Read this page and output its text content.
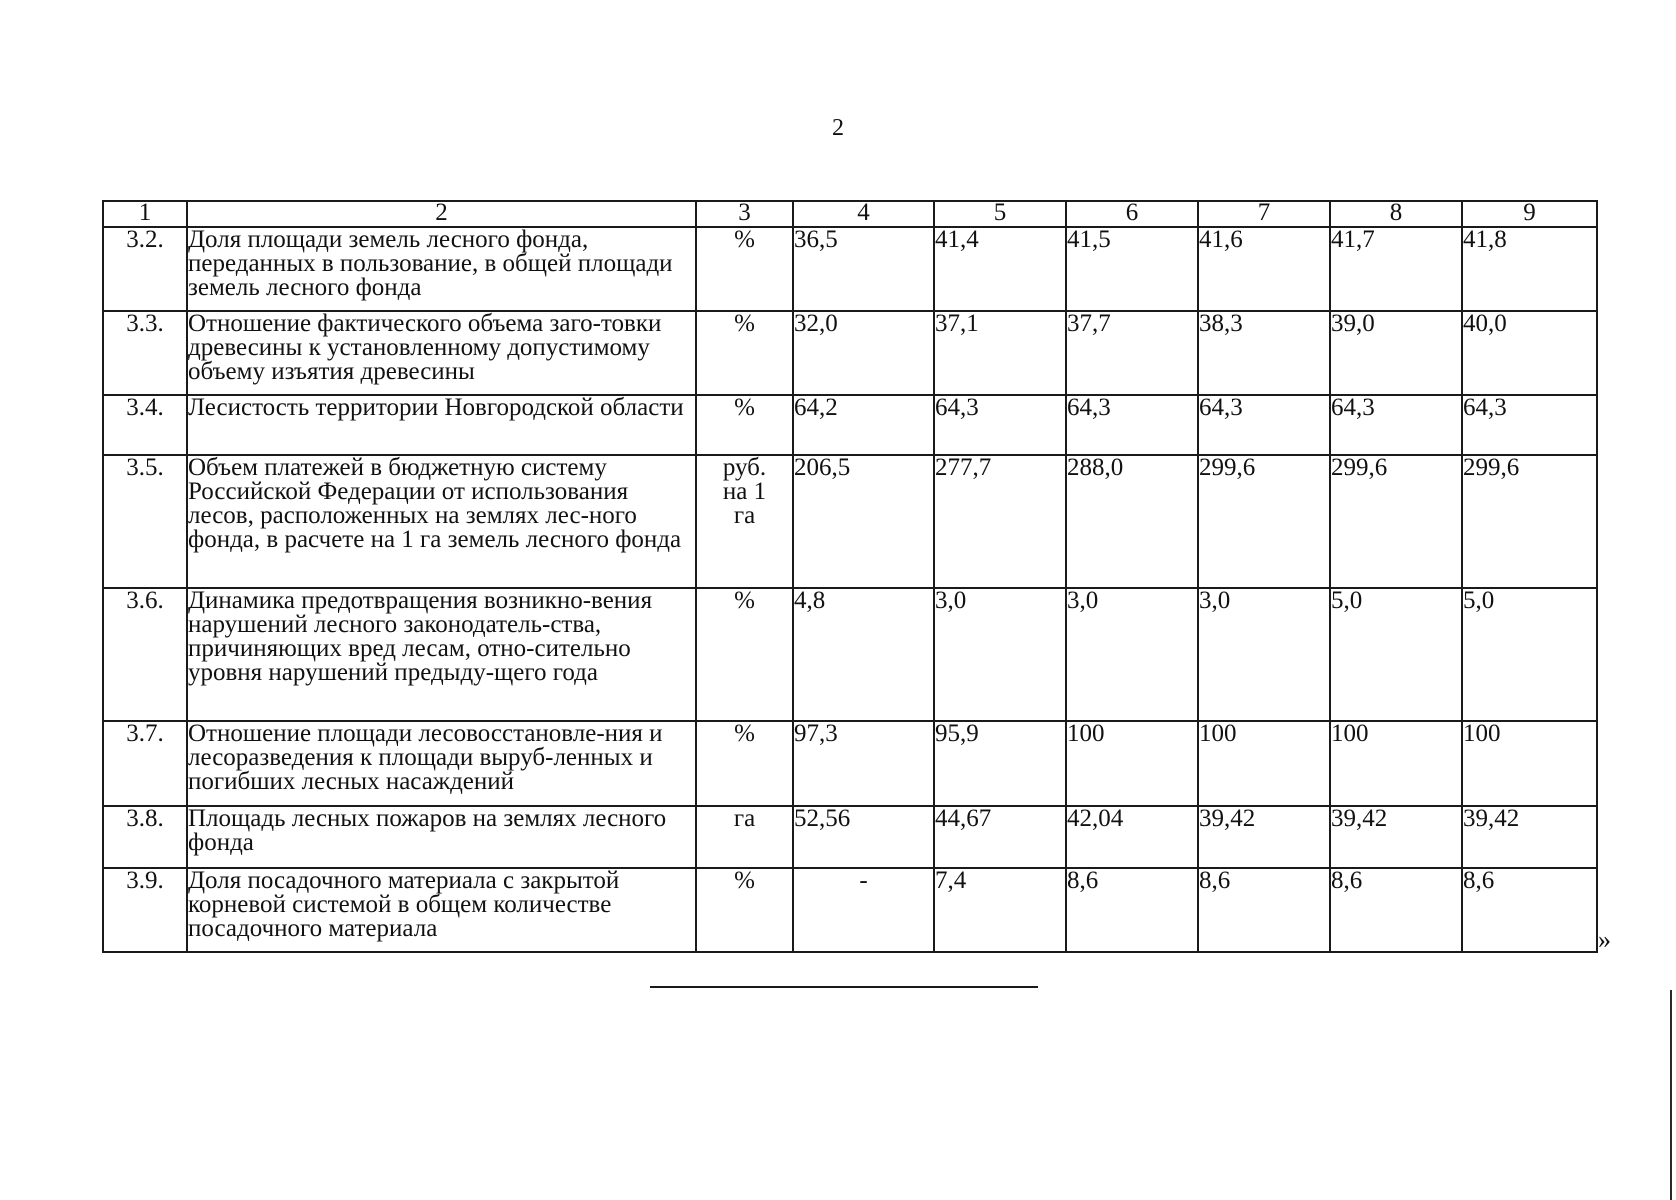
2
1	2	3	4	5	6	7	8	9
3.2.	Доля площади земель лесного фонда, переданных в пользование, в общей площади земель лесного фонда	%	36,5	41,4	41,5	41,6	41,7	41,8
3.3.	Отношение фактического объема заго-товки древесины к установленному допустимому объему изъятия древесины	%	32,0	37,1	37,7	38,3	39,0	40,0
3.4.	Лесистость территории Новгородской области	%	64,2	64,3	64,3	64,3	64,3	64,3
3.5.	Объем платежей в бюджетную систему Российской Федерации от использования лесов, расположенных на землях лес-ного фонда, в расчете на 1 га земель лесного фонда	руб. на 1 га	206,5	277,7	288,0	299,6	299,6	299,6
3.6.	Динамика предотвращения возникно-вения нарушений лесного законодатель-ства, причиняющих вред лесам, отно-сительно уровня нарушений предыду-щего года	%	4,8	3,0	3,0	3,0	5,0	5,0
3.7.	Отношение площади лесовосстановле-ния и лесоразведения к площади выруб-ленных и погибших лесных насаждений	%	97,3	95,9	100	100	100	100
3.8.	Площадь лесных пожаров на землях лесного фонда	га	52,56	44,67	42,04	39,42	39,42	39,42
3.9.	Доля посадочного материала с закрытой корневой системой в общем количестве посадочного материала	%	-	7,4	8,6	8,6	8,6	8,6
»
